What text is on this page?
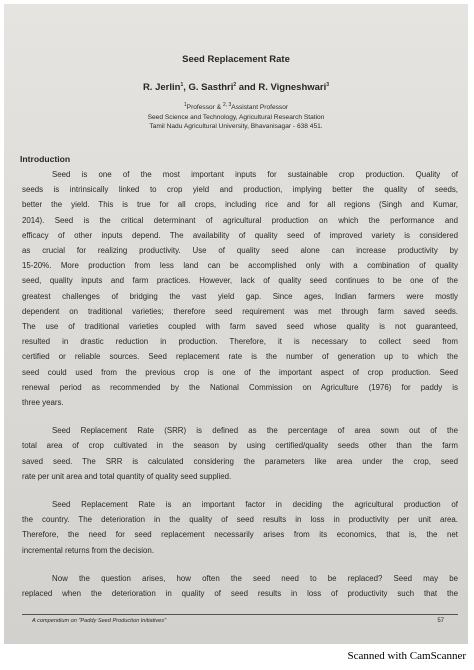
Seed Replacement Rate
R. Jerlin$^1$, G. Sasthri$^2$ and R. Vigneshwari$^3$
$^1$Professor & $^{2, 3}$Assistant Professor
Seed Science and Technology, Agricultural Research Station
Tamil Nadu Agricultural University, Bhavanisagar - 638 451.
Introduction

Seed is one of the most important inputs for sustainable crop production. Quality of

seeds is intrinsically linked to crop yield and production, implying better the quality of seeds,

better the yield. This is true for all crops, including rice and for all regions (Singh and Kumar,

2014). Seed is the critical determinant of agricultural production on which the performance and

efficacy of other inputs depend. The availability of quality seed of improved variety is considered

as crucial for realizing productivity. Use of quality seed alone can increase productivity by

15-20%. More production from less land can be accomplished only with a combination of quality

seed, quality inputs and farm practices. However, lack of quality seed continues to be one of the

greatest challenges of bridging the vast yield gap. Since ages, Indian farmers were mostly

dependent on traditional varieties; therefore seed requirement was met through farm saved seeds.

The use of traditional varieties coupled with farm saved seed whose quality is not guaranteed,

resulted in drastic reduction in production. Therefore, it is necessary to collect seed from

certified or reliable sources. Seed replacement rate is the number of generation up to which the

seed could used from the previous crop is one of the important aspect of crop production. Seed

renewal period as recommended by the National Commission on Agriculture (1976) for paddy is

three years.

Seed Replacement Rate (SRR) is defined as the percentage of area sown out of the

total area of crop cultivated in the season by using certified/quality seeds other than the farm

saved seed. The SRR is calculated considering the parameters like area under the crop, seed

rate per unit area and total quantity of quality seed supplied.

Seed Replacement Rate is an important factor in deciding the agricultural production of

the country. The deterioration in the quality of seed results in loss in productivity per unit area.

Therefore, the need for seed replacement necessarily arises from its economics, that is, the net

incremental returns from the decision.

Now the question arises, how often the seed need to be replaced? Seed may be

replaced when the deterioration in quality of seed results in loss of productivity such that the

A compendium on "Paddy Seed Production Initiatives"	57
Scanned with CamScanner
